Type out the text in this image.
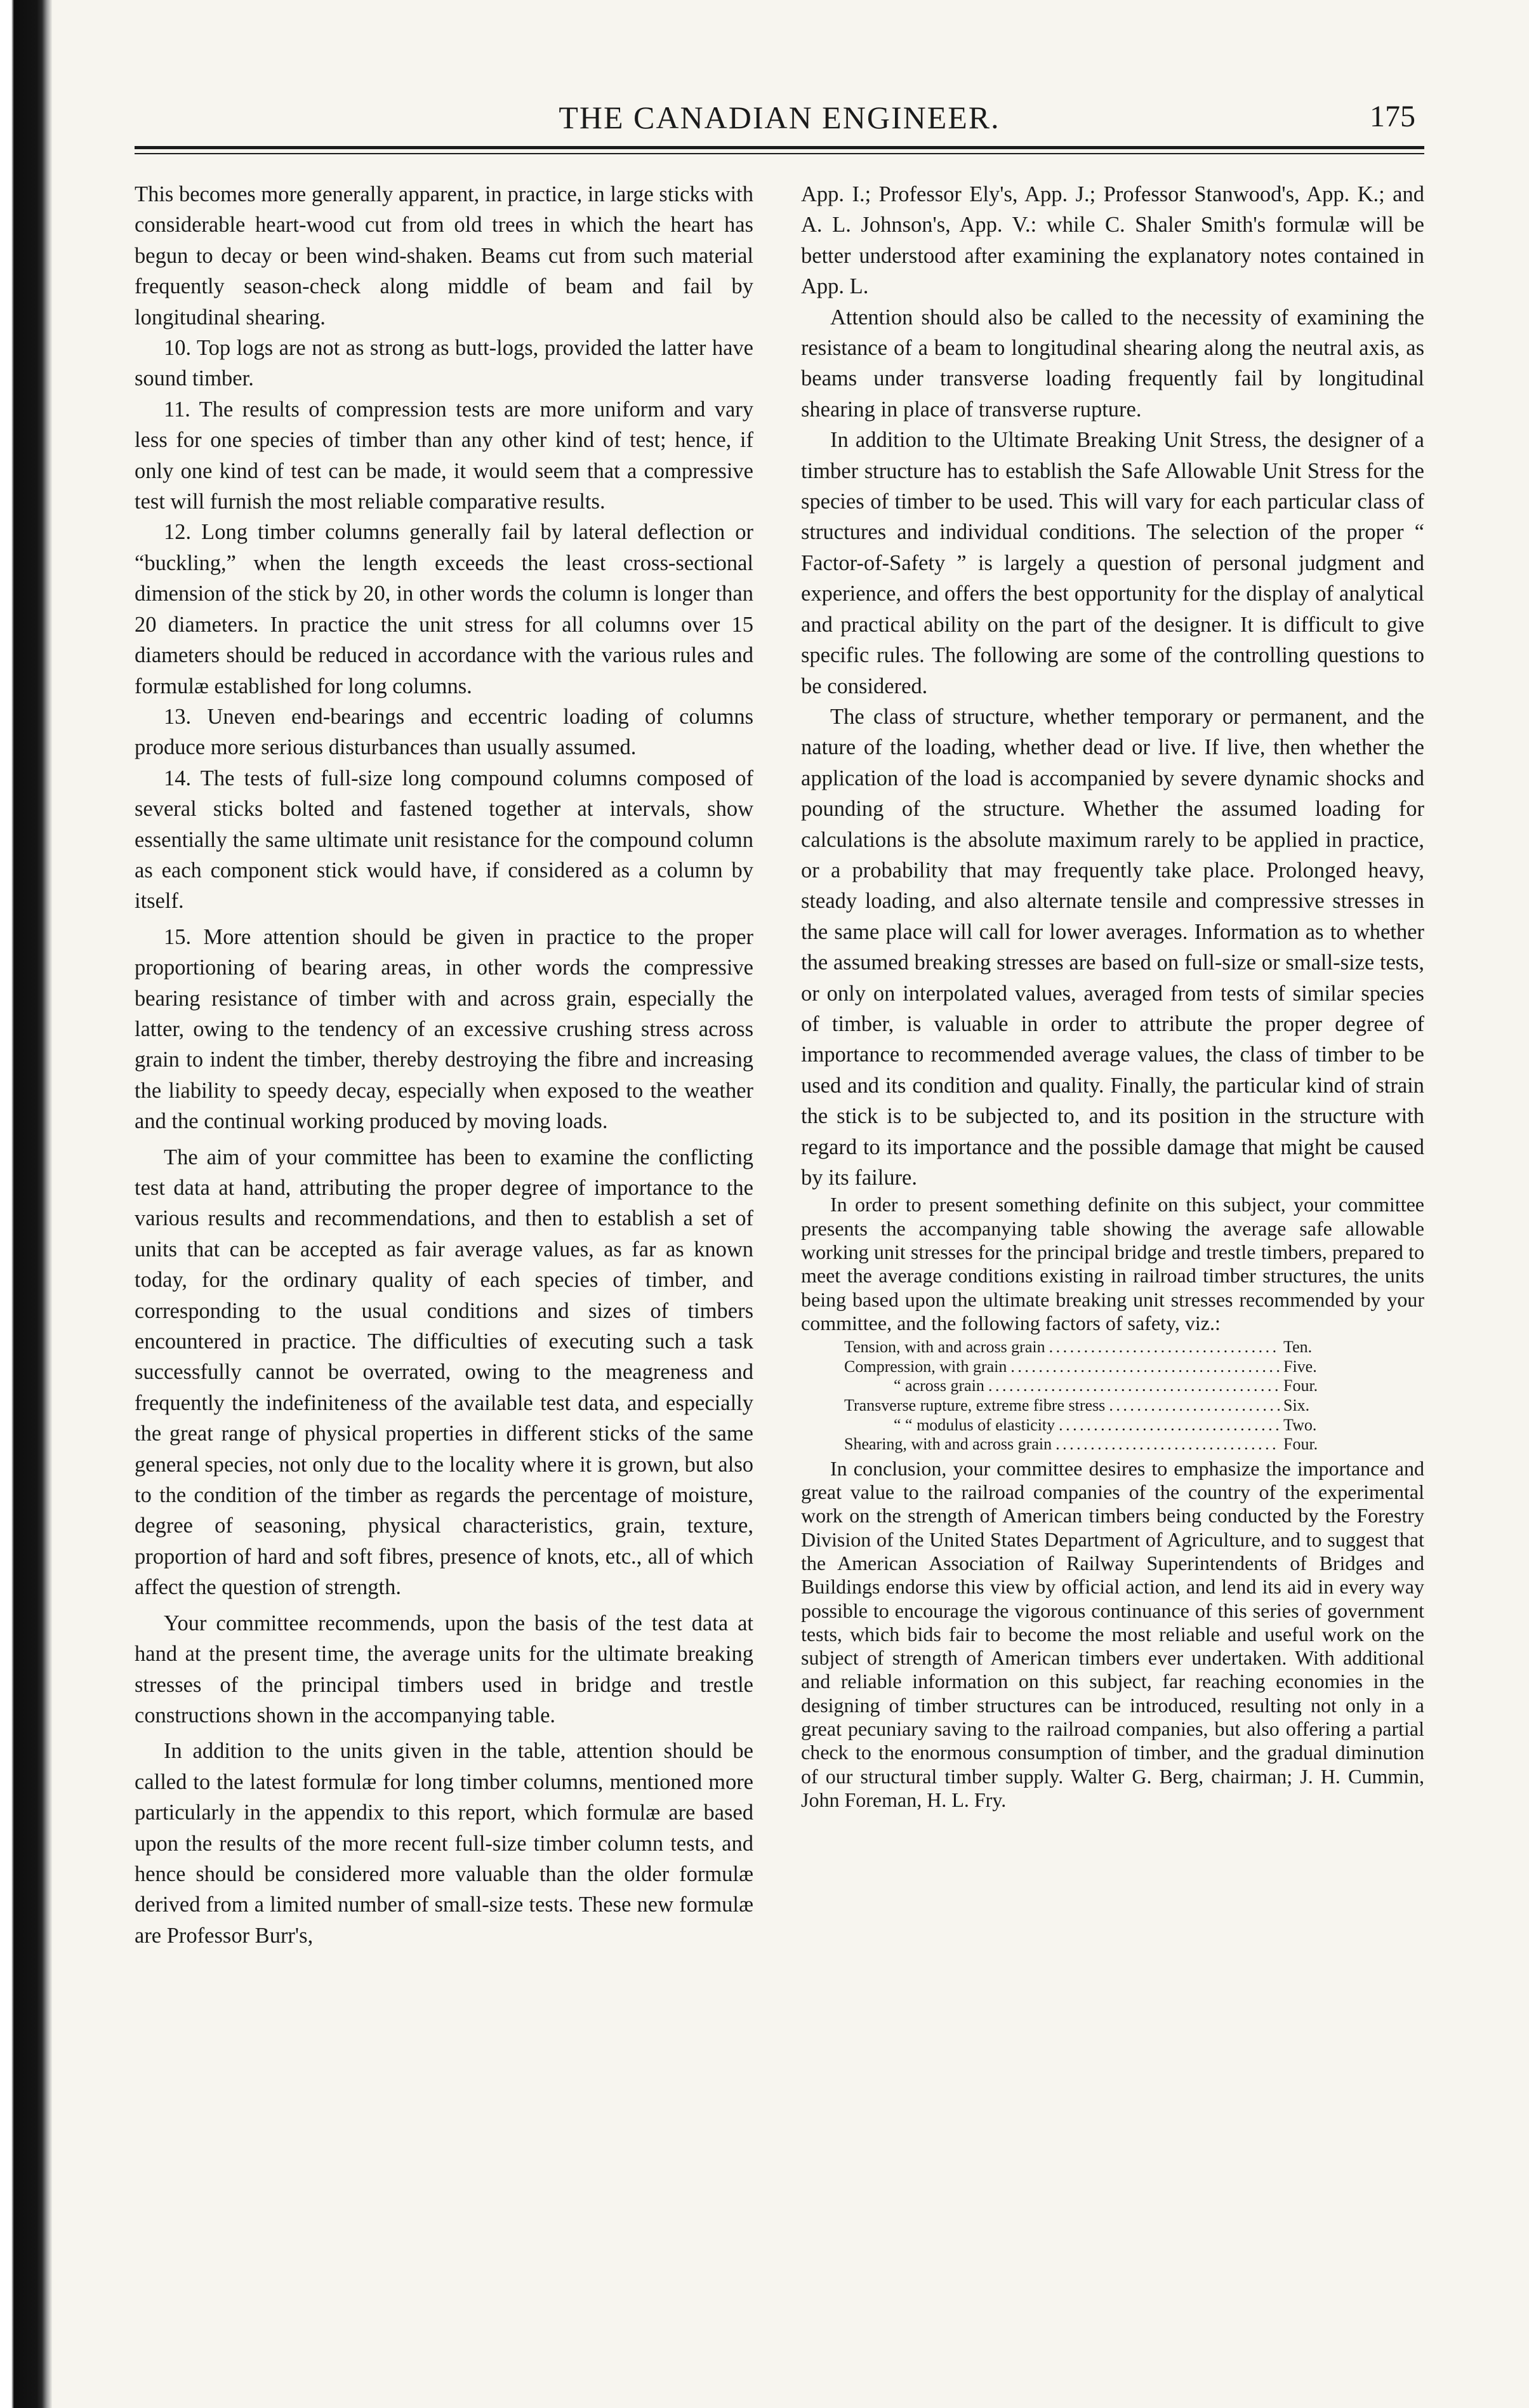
THE CANADIAN ENGINEER.	175

This becomes more generally apparent, in practice, in large sticks with considerable heart-wood cut from old trees in which the heart has begun to decay or been wind-shaken. Beams cut from such material frequently season-check along middle of beam and fail by longitudinal shearing.

10. Top logs are not as strong as butt-logs, provided the latter have sound timber.

11. The results of compression tests are more uniform and vary less for one species of timber than any other kind of test; hence, if only one kind of test can be made, it would seem that a compressive test will furnish the most reliable comparative results.

12. Long timber columns generally fail by lateral deflection or “buckling,” when the length exceeds the least cross-sectional dimension of the stick by 20, in other words the column is longer than 20 diameters. In practice the unit stress for all columns over 15 diameters should be reduced in accordance with the various rules and formulæ established for long columns.

13. Uneven end-bearings and eccentric loading of columns produce more serious disturbances than usually assumed.

14. The tests of full-size long compound columns composed of several sticks bolted and fastened together at intervals, show essentially the same ultimate unit resistance for the compound column as each component stick would have, if considered as a column by itself.

15. More attention should be given in practice to the proper proportioning of bearing areas, in other words the compressive bearing resistance of timber with and across grain, especially the latter, owing to the tendency of an excessive crushing stress across grain to indent the timber, thereby destroying the fibre and increasing the liability to speedy decay, especially when exposed to the weather and the continual working produced by moving loads.

The aim of your committee has been to examine the conflicting test data at hand, attributing the proper degree of importance to the various results and recommendations, and then to establish a set of units that can be accepted as fair average values, as far as known today, for the ordinary quality of each species of timber, and corresponding to the usual conditions and sizes of timbers encountered in practice. The difficulties of executing such a task successfully cannot be overrated, owing to the meagreness and frequently the indefiniteness of the available test data, and especially the great range of physical properties in different sticks of the same general species, not only due to the locality where it is grown, but also to the condition of the timber as regards the percentage of moisture, degree of seasoning, physical characteristics, grain, texture, proportion of hard and soft fibres, presence of knots, etc., all of which affect the question of strength.

Your committee recommends, upon the basis of the test data at hand at the present time, the average units for the ultimate breaking stresses of the principal timbers used in bridge and trestle constructions shown in the accompanying table.

In addition to the units given in the table, attention should be called to the latest formulæ for long timber columns, mentioned more particularly in the appendix to this report, which formulæ are based upon the results of the more recent full-size timber column tests, and hence should be considered more valuable than the older formulæ derived from a limited number of small-size tests. These new formulæ are Professor Burr's,

App. I.; Professor Ely's, App. J.; Professor Stanwood's, App. K.; and A. L. Johnson's, App. V.: while C. Shaler Smith's formulæ will be better understood after examining the explanatory notes contained in App. L.

Attention should also be called to the necessity of examining the resistance of a beam to longitudinal shearing along the neutral axis, as beams under transverse loading frequently fail by longitudinal shearing in place of transverse rupture.

In addition to the Ultimate Breaking Unit Stress, the designer of a timber structure has to establish the Safe Allowable Unit Stress for the species of timber to be used. This will vary for each particular class of structures and individual conditions. The selection of the proper “ Factor-of-Safety ” is largely a question of personal judgment and experience, and offers the best opportunity for the display of analytical and practical ability on the part of the designer. It is difficult to give specific rules. The following are some of the controlling questions to be considered.

The class of structure, whether temporary or permanent, and the nature of the loading, whether dead or live. If live, then whether the application of the load is accompanied by severe dynamic shocks and pounding of the structure. Whether the assumed loading for calculations is the absolute maximum rarely to be applied in practice, or a probability that may frequently take place. Prolonged heavy, steady loading, and also alternate tensile and compressive stresses in the same place will call for lower averages. Information as to whether the assumed breaking stresses are based on full-size or small-size tests, or only on interpolated values, averaged from tests of similar species of timber, is valuable in order to attribute the proper degree of importance to recommended average values, the class of timber to be used and its condition and quality. Finally, the particular kind of strain the stick is to be subjected to, and its position in the structure with regard to its importance and the possible damage that might be caused by its failure.

In order to present something definite on this subject, your committee presents the accompanying table showing the average safe allowable working unit stresses for the principal bridge and trestle timbers, prepared to meet the average conditions existing in railroad timber structures, the units being based upon the ultimate breaking unit stresses recommended by your committee, and the following factors of safety, viz.:

Tension, with and across grain . . .	Ten.
Compression, with grain . . .	Five.
“ across grain . . .	Four.
Transverse rupture, extreme fibre stress . . .	Six.
“ “ modulus of elasticity . . .	Two.
Shearing, with and across grain . . .	Four.

In conclusion, your committee desires to emphasize the importance and great value to the railroad companies of the country of the experimental work on the strength of American timbers being conducted by the Forestry Division of the United States Department of Agriculture, and to suggest that the American Association of Railway Superintendents of Bridges and Buildings endorse this view by official action, and lend its aid in every way possible to encourage the vigorous continuance of this series of government tests, which bids fair to become the most reliable and useful work on the subject of strength of American timbers ever undertaken. With additional and reliable information on this subject, far reaching economies in the designing of timber structures can be introduced, resulting not only in a great pecuniary saving to the railroad companies, but also offering a partial check to the enormous consumption of timber, and the gradual diminution of our structural timber supply. Walter G. Berg, chairman; J. H. Cummin, John Foreman, H. L. Fry.
